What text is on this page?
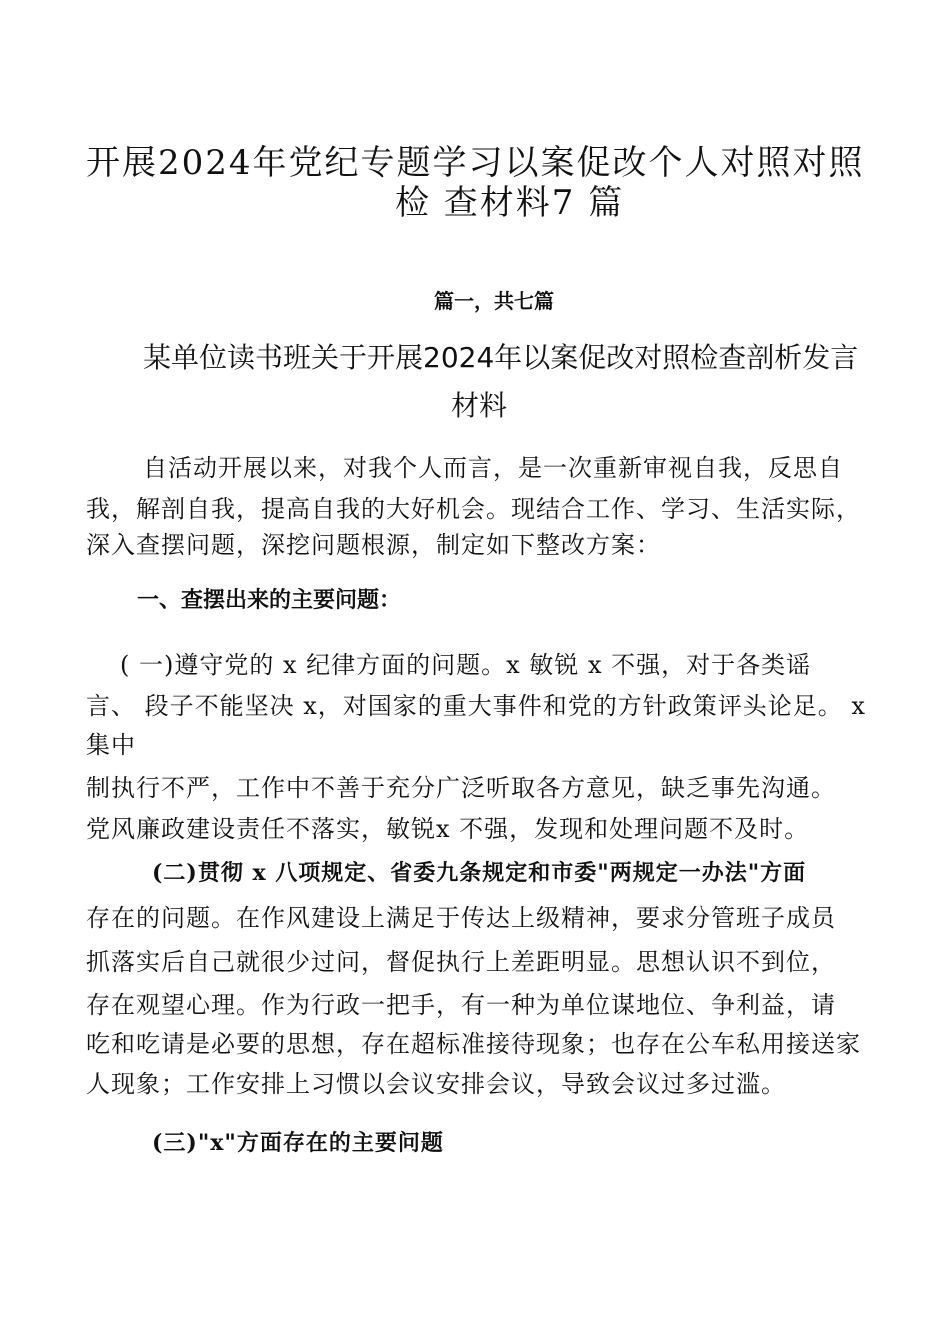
开展2024年党纪专题学习以案促改个人对照对照
检 查材料7 篇
篇一，共七篇
某单位读书班关于开展2024年以案促改对照检查剖析发言
材料
自活动开展以来，对我个人而言，是一次重新审视自我，反思自
我，解剖自我，提高自我的大好机会。现结合工作、学习、生活实际，
深入查摆问题，深挖问题根源，制定如下整改方案：
一、查摆出来的主要问题：
( 一)遵守党的 x 纪律方面的问题。x 敏锐 x 不强，对于各类谣
言、 段子不能坚决 x，对国家的重大事件和党的方针政策评头论足。 x
集中
制执行不严，工作中不善于充分广泛听取各方意见，缺乏事先沟通。
党风廉政建设责任不落实，敏锐x 不强，发现和处理问题不及时。
(二)贯彻 x 八项规定、省委九条规定和市委"两规定一办法"方面
存在的问题。在作风建设上满足于传达上级精神，要求分管班子成员
抓落实后自己就很少过问，督促执行上差距明显。思想认识不到位，
存在观望心理。作为行政一把手，有一种为单位谋地位、争利益，请
吃和吃请是必要的思想，存在超标准接待现象；也存在公车私用接送家
人现象；工作安排上习惯以会议安排会议，导致会议过多过滥。
(三)"x"方面存在的主要问题
